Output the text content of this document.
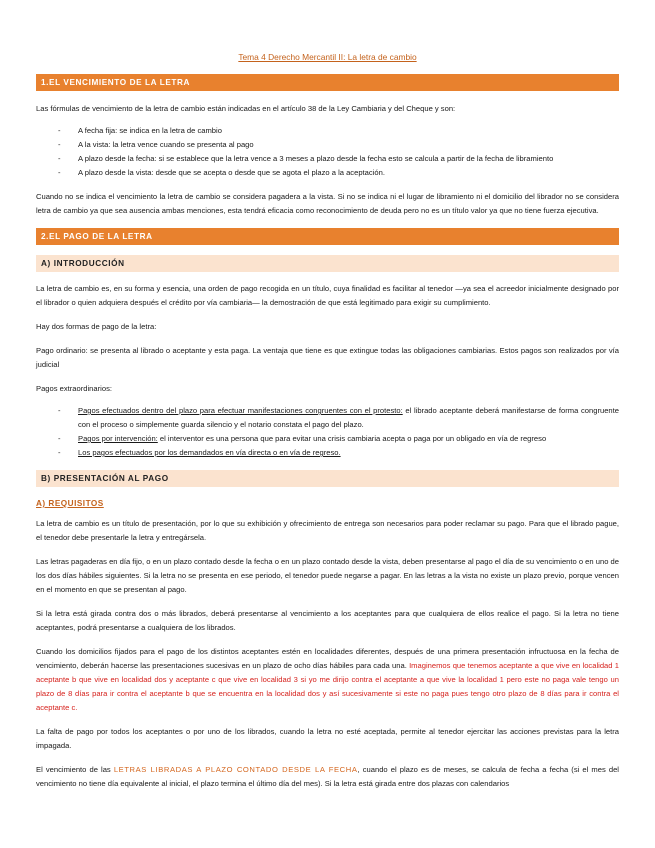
Tema 4 Derecho Mercantil II: La letra de cambio
1.EL VENCIMIENTO DE LA LETRA

Las fórmulas de vencimiento de la letra de cambio están indicadas en el artículo 38 de la Ley Cambiaria y del Cheque y son:

- A fecha fija: se indica en la letra de cambio
- A la vista: la letra vence cuando se presenta al pago
- A plazo desde la fecha: si se establece que la letra vence a 3 meses a plazo desde la fecha esto se calcula a partir de la fecha de libramiento
- A plazo desde la vista: desde que se acepta o desde que se agota el plazo a la aceptación.

Cuando no se indica el vencimiento la letra de cambio se considera pagadera a la vista. Si no se indica ni el lugar de libramiento ni el domicilio del librador no se considera letra de cambio ya que sea ausencia ambas menciones, esta tendrá eficacia como reconocimiento de deuda pero no es un título valor ya que no tiene fuerza ejecutiva.

2.EL PAGO DE LA LETRA
A) INTRODUCCIÓN

La letra de cambio es, en su forma y esencia, una orden de pago recogida en un título, cuya finalidad es facilitar al tenedor —ya sea el acreedor inicialmente designado por el librador o quien adquiera después el crédito por vía cambiaria— la demostración de que está legitimado para exigir su cumplimiento.

Hay dos formas de pago de la letra:

Pago ordinario: se presenta al librado o aceptante y esta paga. La ventaja que tiene es que extingue todas las obligaciones cambiarias. Estos pagos son realizados por vía judicial

Pagos extraordinarios:

- Pagos efectuados dentro del plazo para efectuar manifestaciones congruentes con el protesto: el librado aceptante deberá manifestarse de forma congruente con el proceso o simplemente guarda silencio y el notario constata el pago del plazo.
- Pagos por intervención: el interventor es una persona que para evitar una crisis cambiaria acepta o paga por un obligado en vía de regreso
- Los pagos efectuados por los demandados en vía directa o en vía de regreso.
B) PRESENTACIÓN AL PAGO
A) REQUISITOS

La letra de cambio es un título de presentación, por lo que su exhibición y ofrecimiento de entrega son necesarios para poder reclamar su pago. Para que el librado pague, el tenedor debe presentarle la letra y entregársela.

Las letras pagaderas en día fijo, o en un plazo contado desde la fecha o en un plazo contado desde la vista, deben presentarse al pago el día de su vencimiento o en uno de los dos días hábiles siguientes. Si la letra no se presenta en ese periodo, el tenedor puede negarse a pagar. En las letras a la vista no existe un plazo previo, porque vencen en el momento en que se presentan al pago.

Si la letra está girada contra dos o más librados, deberá presentarse al vencimiento a los aceptantes para que cualquiera de ellos realice el pago. Si la letra no tiene aceptantes, podrá presentarse a cualquiera de los librados.

Cuando los domicilios fijados para el pago de los distintos aceptantes estén en localidades diferentes, después de una primera presentación infructuosa en la fecha de vencimiento, deberán hacerse las presentaciones sucesivas en un plazo de ocho días hábiles para cada una. Imaginemos que tenemos aceptante a que vive en localidad 1 aceptante b que vive en localidad dos y aceptante c que vive en localidad 3 si yo me dirijo contra el aceptante a que vive la localidad 1 pero este no paga vale tengo un plazo de 8 días para ir contra el aceptante b que se encuentra en la localidad dos y así sucesivamente si este no paga pues tengo otro plazo de 8 días para ir contra el aceptante c.

La falta de pago por todos los aceptantes o por uno de los librados, cuando la letra no esté aceptada, permite al tenedor ejercitar las acciones previstas para la letra impagada.

El vencimiento de las LETRAS LIBRADAS A PLAZO CONTADO DESDE LA FECHA, cuando el plazo es de meses, se calcula de fecha a fecha (si el mes del vencimiento no tiene día equivalente al inicial, el plazo termina el último día del mes). Si la letra está girada entre dos plazas con calendarios
